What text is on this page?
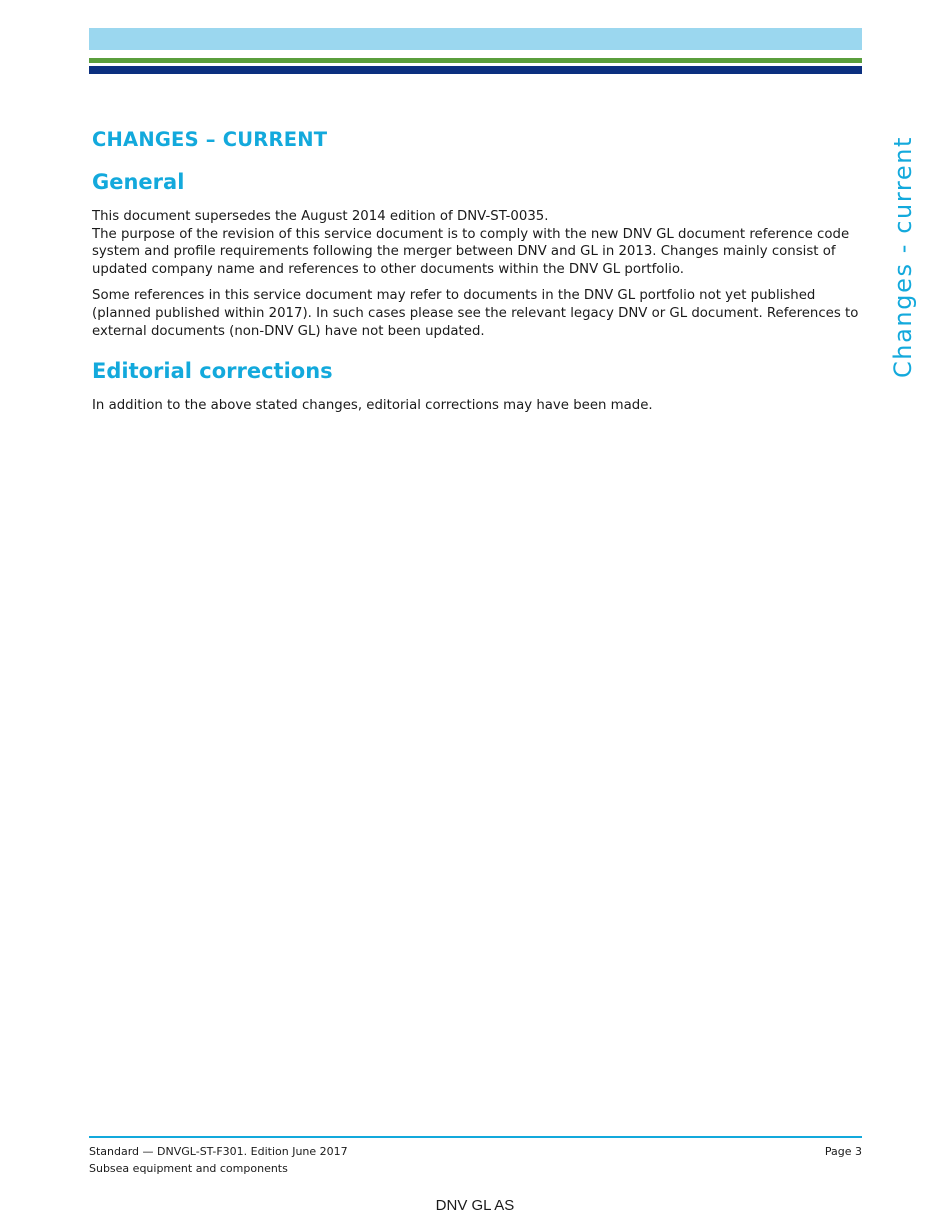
Changes - current
CHANGES – CURRENT
General

This document supersedes the August 2014 edition of DNV-ST-0035.
The purpose of the revision of this service document is to comply with the new DNV GL document reference code system and profile requirements following the merger between DNV and GL in 2013. Changes mainly consist of updated company name and references to other documents within the DNV GL portfolio.

Some references in this service document may refer to documents in the DNV GL portfolio not yet published (planned published within 2017). In such cases please see the relevant legacy DNV or GL document. References to external documents (non-DNV GL) have not been updated.

Editorial corrections

In addition to the above stated changes, editorial corrections may have been made.

Standard — DNVGL-ST-F301. Edition June 2017
Subsea equipment and components
Page 3
DNV GL AS
